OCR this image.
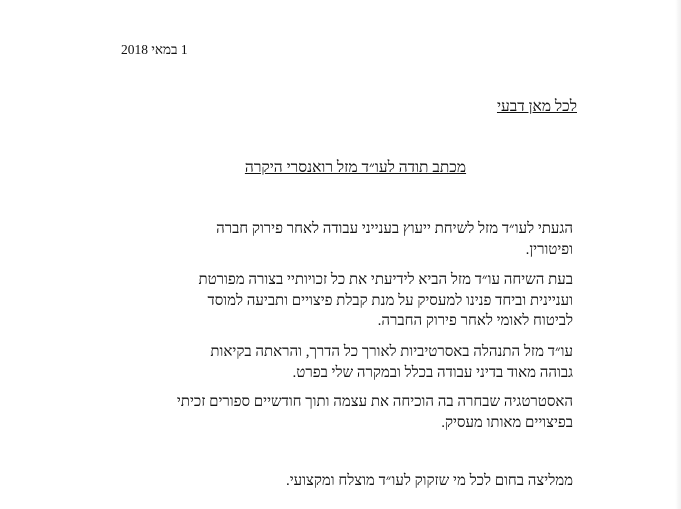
1 במאי 2018
לכל מאן דבעי
מכתב תודה לעו״ד מזל רואנסרי היקרה

הגעתי לעו״ד מזל לשיחת ייעוץ בענייני עבודה לאחר פירוק חברה
ופיטורין.

בעת השיחה עו״ד מזל הביא לידיעתי את כל זכויותיי בצורה מפורטת
ועניינית וביחד פנינו למעסיק על מנת קבלת פיצויים ותביעה למוסד
לביטוח לאומי לאחר פירוק החברה.

עו״ד מזל התנהלה באסרטיביות לאורך כל הדרך, והראתה בקיאות
גבוהה מאוד בדיני עבודה בכלל ובמקרה שלי בפרט.

האסטרטגיה שבחרה בה הוכיחה את עצמה ותוך חודשיים ספורים זכיתי
בפיצויים מאותו מעסיק.

ממליצה בחום לכל מי שזקוק לעו״ד מוצלח ומקצועי.
